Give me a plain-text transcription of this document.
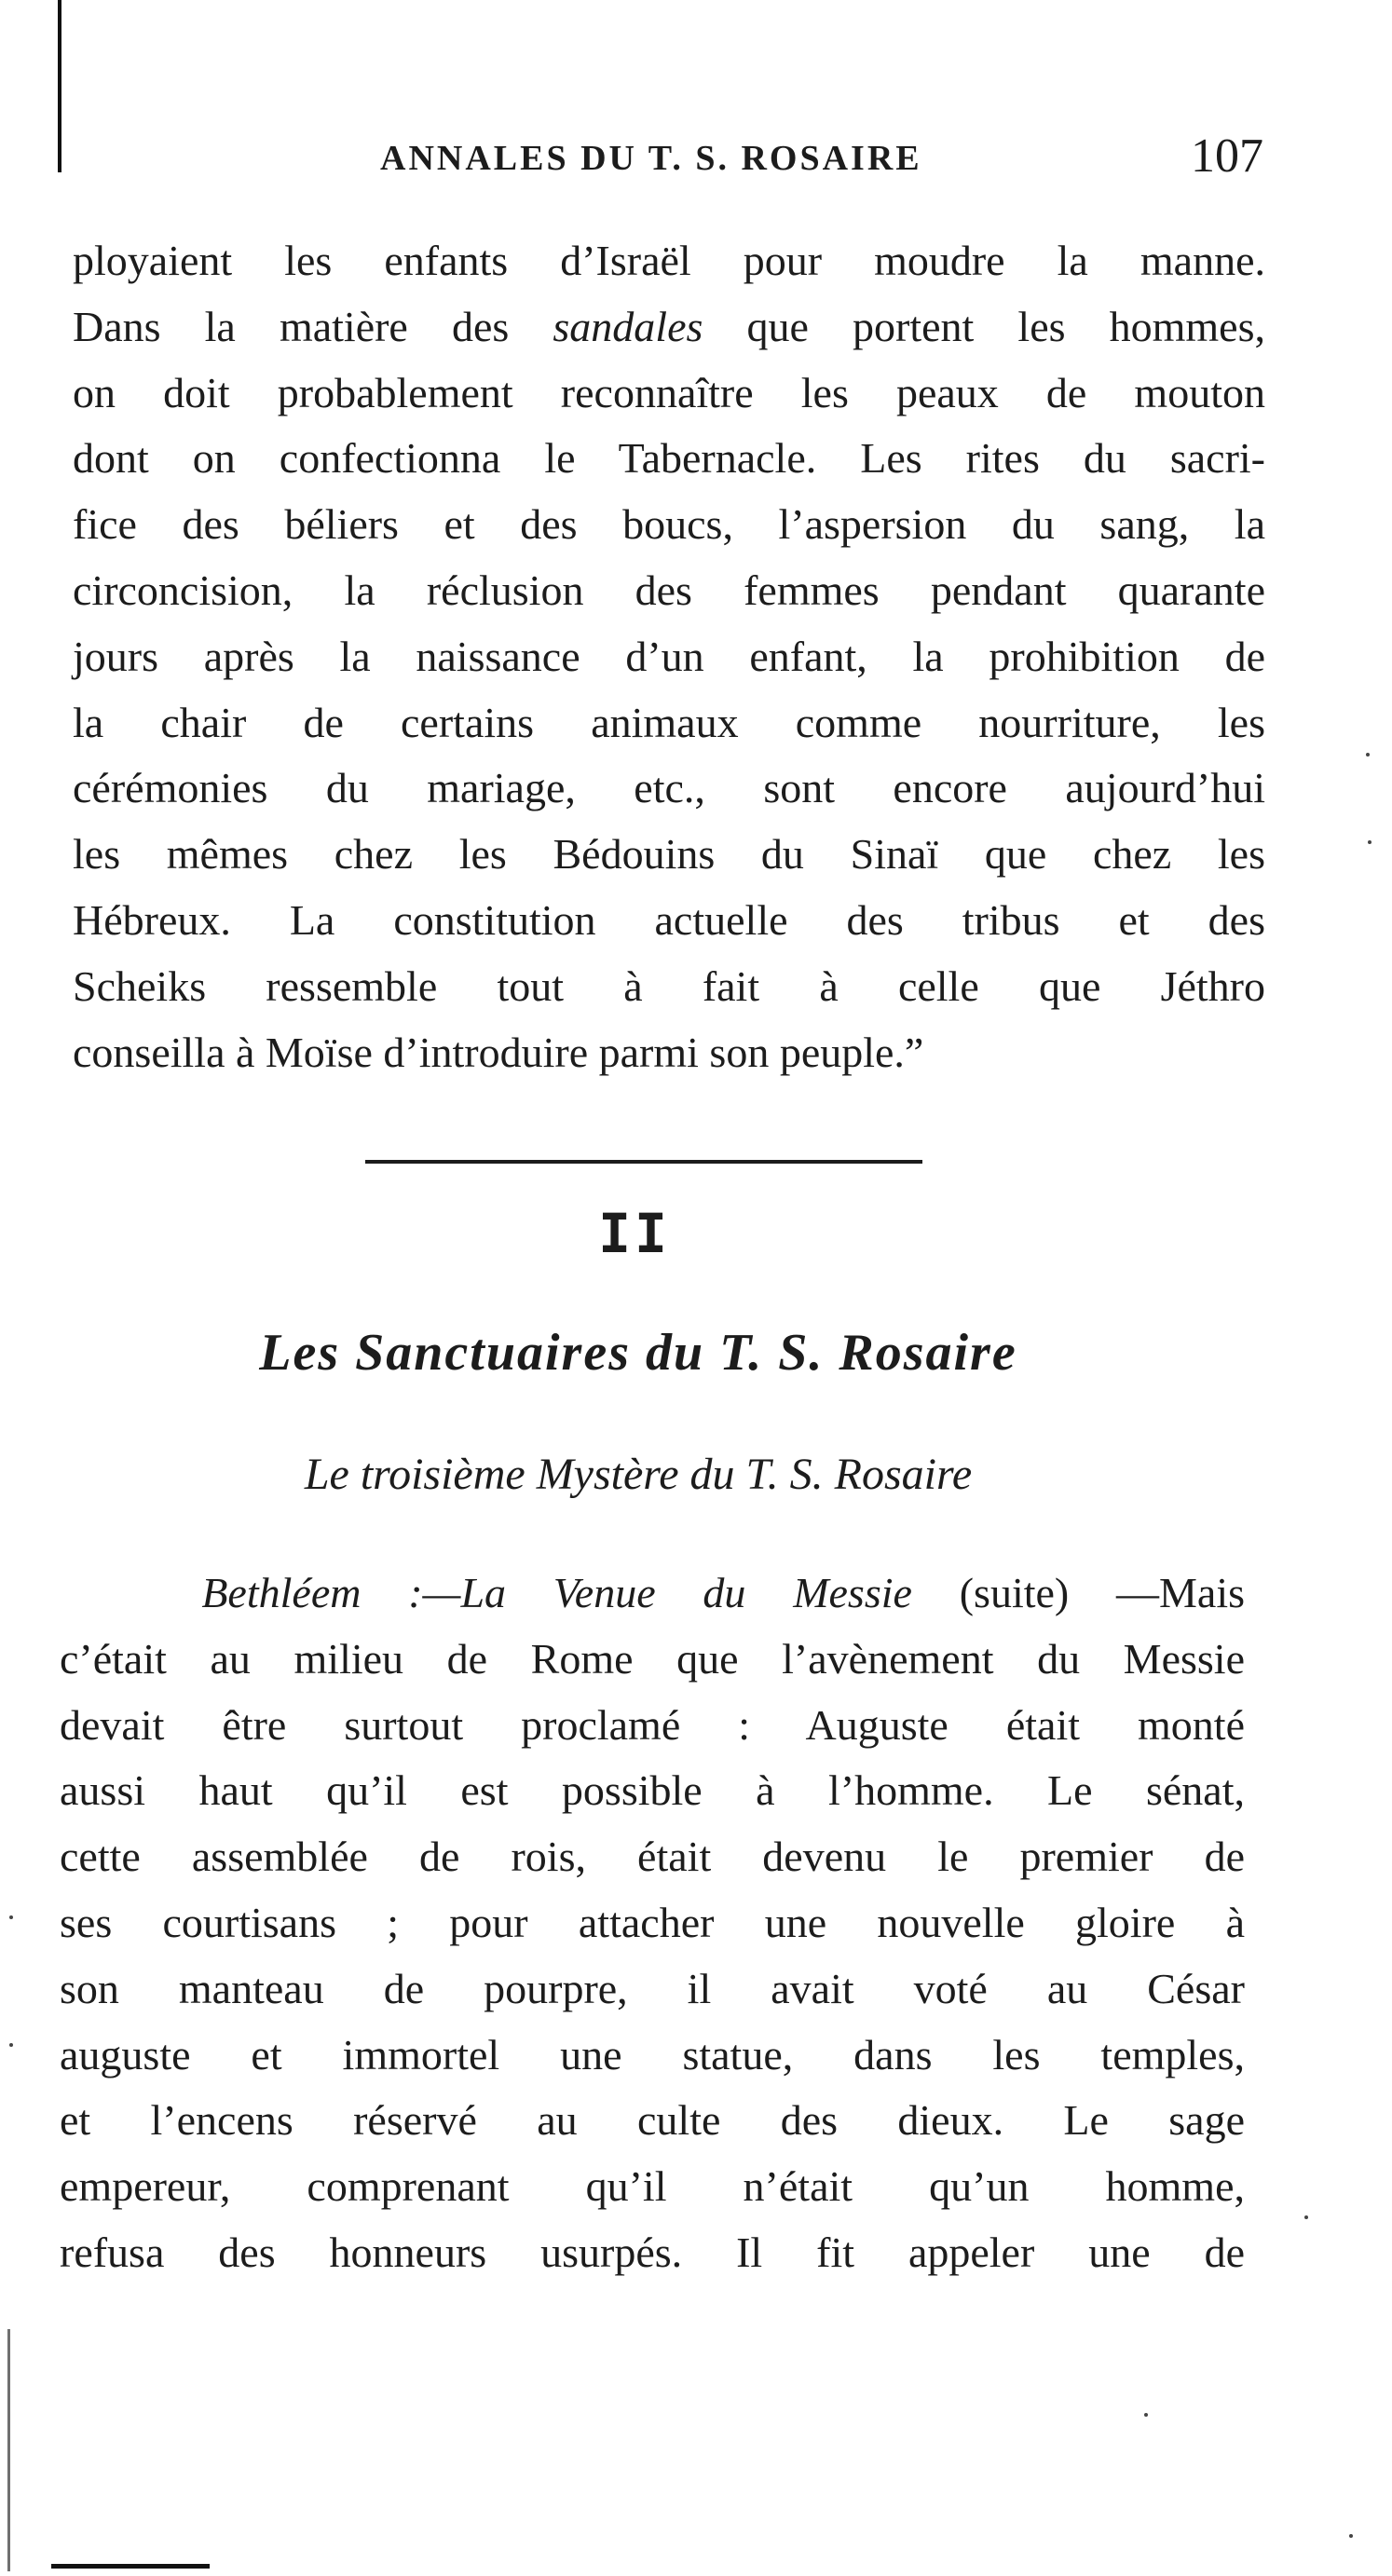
ANNALES DU T. S. ROSAIRE	107
ployaient les enfants d’Israël pour moudre la manne.
Dans la matière des sandales que portent les hommes,
on doit probablement reconnaître les peaux de mouton
dont on confectionna le Tabernacle. Les rites du sacri-
fice des béliers et des boucs, l’aspersion du sang, la
circoncision, la réclusion des femmes pendant quarante
jours après la naissance d’un enfant, la prohibition de
la chair de certains animaux comme nourriture, les
cérémonies du mariage, etc., sont encore aujourd’hui
les mêmes chez les Bédouins du Sinaï que chez les
Hébreux. La constitution actuelle des tribus et des
Scheiks ressemble tout à fait à celle que Jéthro
conseilla à Moïse d’introduire parmi son peuple.”
II
Les Sanctuaires du T. S. Rosaire
Le troisième Mystère du T. S. Rosaire
Bethléem :—La Venue du Messie (suite) —Mais
c’était au milieu de Rome que l’avènement du Messie
devait être surtout proclamé : Auguste était monté
aussi haut qu’il est possible à l’homme. Le sénat,
cette assemblée de rois, était devenu le premier de
ses courtisans ; pour attacher une nouvelle gloire à
son manteau de pourpre, il avait voté au César
auguste et immortel une statue, dans les temples,
et l’encens réservé au culte des dieux. Le sage
empereur, comprenant qu’il n’était qu’un homme,
refusa des honneurs usurpés. Il fit appeler une de
